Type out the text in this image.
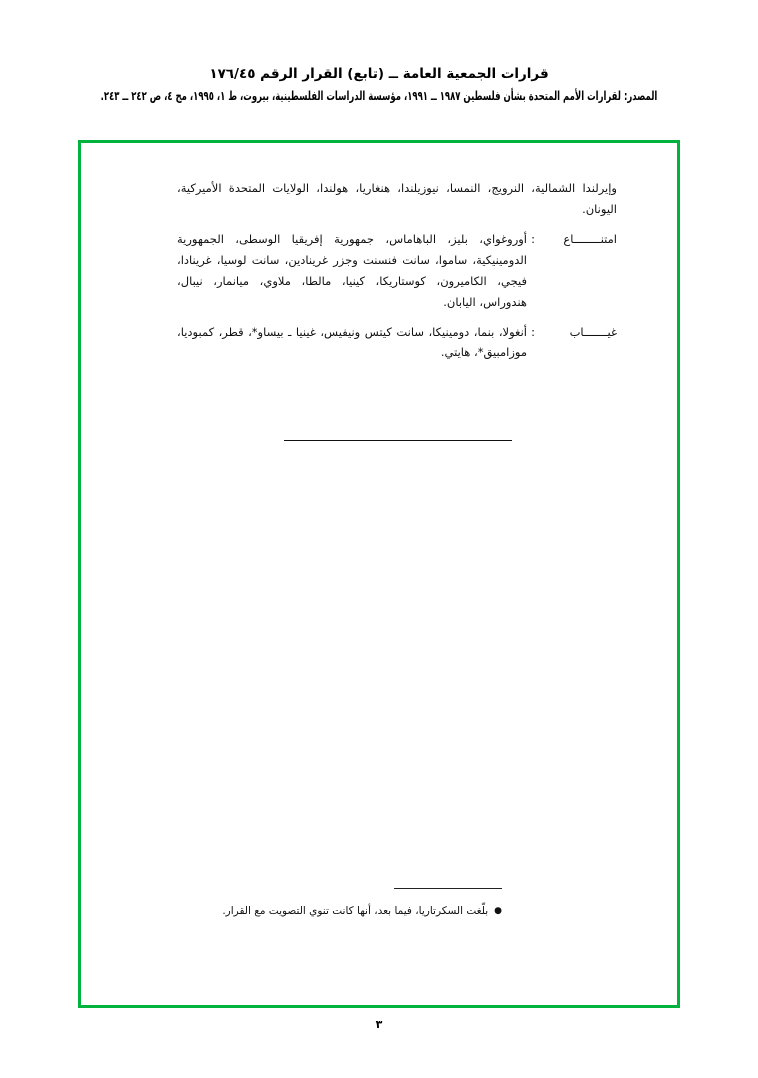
قرارات الجمعية العامة ــ (تابع) القرار الرقم ١٧٦/٤٥
المصدر: لقرارات الأمم المتحدة بشأن فلسطين ١٩٨٧ ــ ١٩٩١، مؤسسة الدراسات الفلسطينية، بيروت، ط ١، ١٩٩٥، مج ٤، ص ٢٤٢ ــ ٢٤٣.

وإيرلندا الشمالية، النرويج، النمسا، نيوزيلندا، هنغاريا، هولندا، الولايات المتحدة الأميركية، اليونان.

امتنــــــــاع
:
أوروغواي، بليز، الباهاماس، جمهورية إفريقيا الوسطى، الجمهورية الدومينيكية، ساموا، سانت فنسنت وجزر غرينادين، سانت لوسيا، غرينادا، فيجي، الكاميرون، كوستاريكا، كينيا، مالطا، ملاوي، ميانمار، نيبال، هندوراس، اليابان.
غيـــــــاب
:
أنغولا، بنما، دومينيكا، سانت كيتس ونيفيس، غينيا ـ بيساو*، قطر، كمبوديا، موزامبيق*، هايتي.
●
بلّغت السكرتاريا، فيما بعد، أنها كانت تنوي التصويت مع القرار.
٣
